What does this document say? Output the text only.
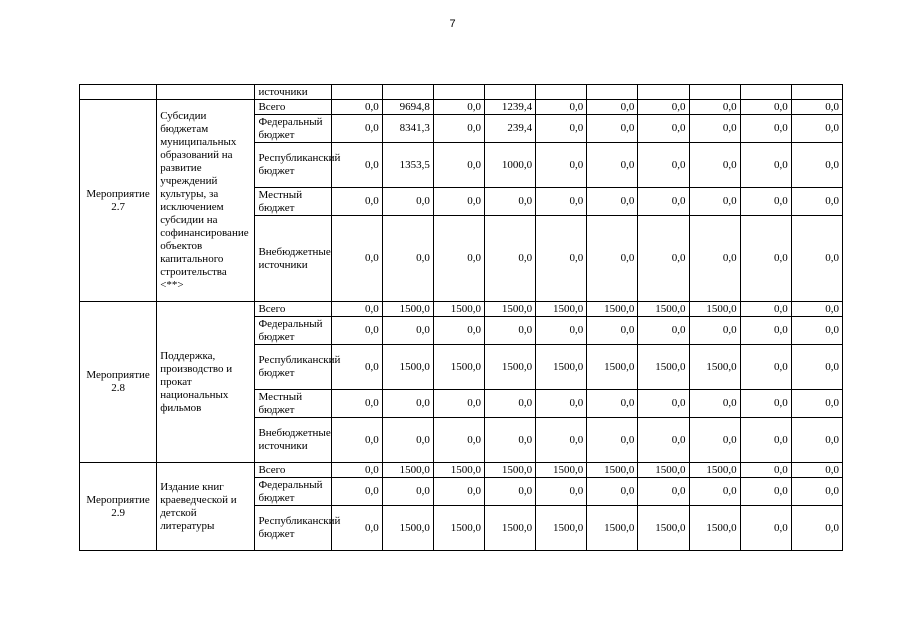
7
		источники										
Мероприятие 2.7	Субсидии бюджетам муниципальных образований на развитие учреждений культуры, за исключением субсидии на софинансирование объектов капитального строительства <**>	Всего	0,0	9694,8	0,0	1239,4	0,0	0,0	0,0	0,0	0,0	0,0
		Федеральный бюджет	0,0	8341,3	0,0	239,4	0,0	0,0	0,0	0,0	0,0	0,0
		Республиканский бюджет	0,0	1353,5	0,0	1000,0	0,0	0,0	0,0	0,0	0,0	0,0
		Местный бюджет	0,0	0,0	0,0	0,0	0,0	0,0	0,0	0,0	0,0	0,0
		Внебюджетные источники	0,0	0,0	0,0	0,0	0,0	0,0	0,0	0,0	0,0	0,0
Мероприятие 2.8	Поддержка, производство и прокат национальных фильмов	Всего	0,0	1500,0	1500,0	1500,0	1500,0	1500,0	1500,0	1500,0	0,0	0,0
		Федеральный бюджет	0,0	0,0	0,0	0,0	0,0	0,0	0,0	0,0	0,0	0,0
		Республиканский бюджет	0,0	1500,0	1500,0	1500,0	1500,0	1500,0	1500,0	1500,0	0,0	0,0
		Местный бюджет	0,0	0,0	0,0	0,0	0,0	0,0	0,0	0,0	0,0	0,0
		Внебюджетные источники	0,0	0,0	0,0	0,0	0,0	0,0	0,0	0,0	0,0	0,0
Мероприятие 2.9	Издание книг краеведческой и детской литературы	Всего	0,0	1500,0	1500,0	1500,0	1500,0	1500,0	1500,0	1500,0	0,0	0,0
		Федеральный бюджет	0,0	0,0	0,0	0,0	0,0	0,0	0,0	0,0	0,0	0,0
		Республиканский бюджет	0,0	1500,0	1500,0	1500,0	1500,0	1500,0	1500,0	1500,0	0,0	0,0
